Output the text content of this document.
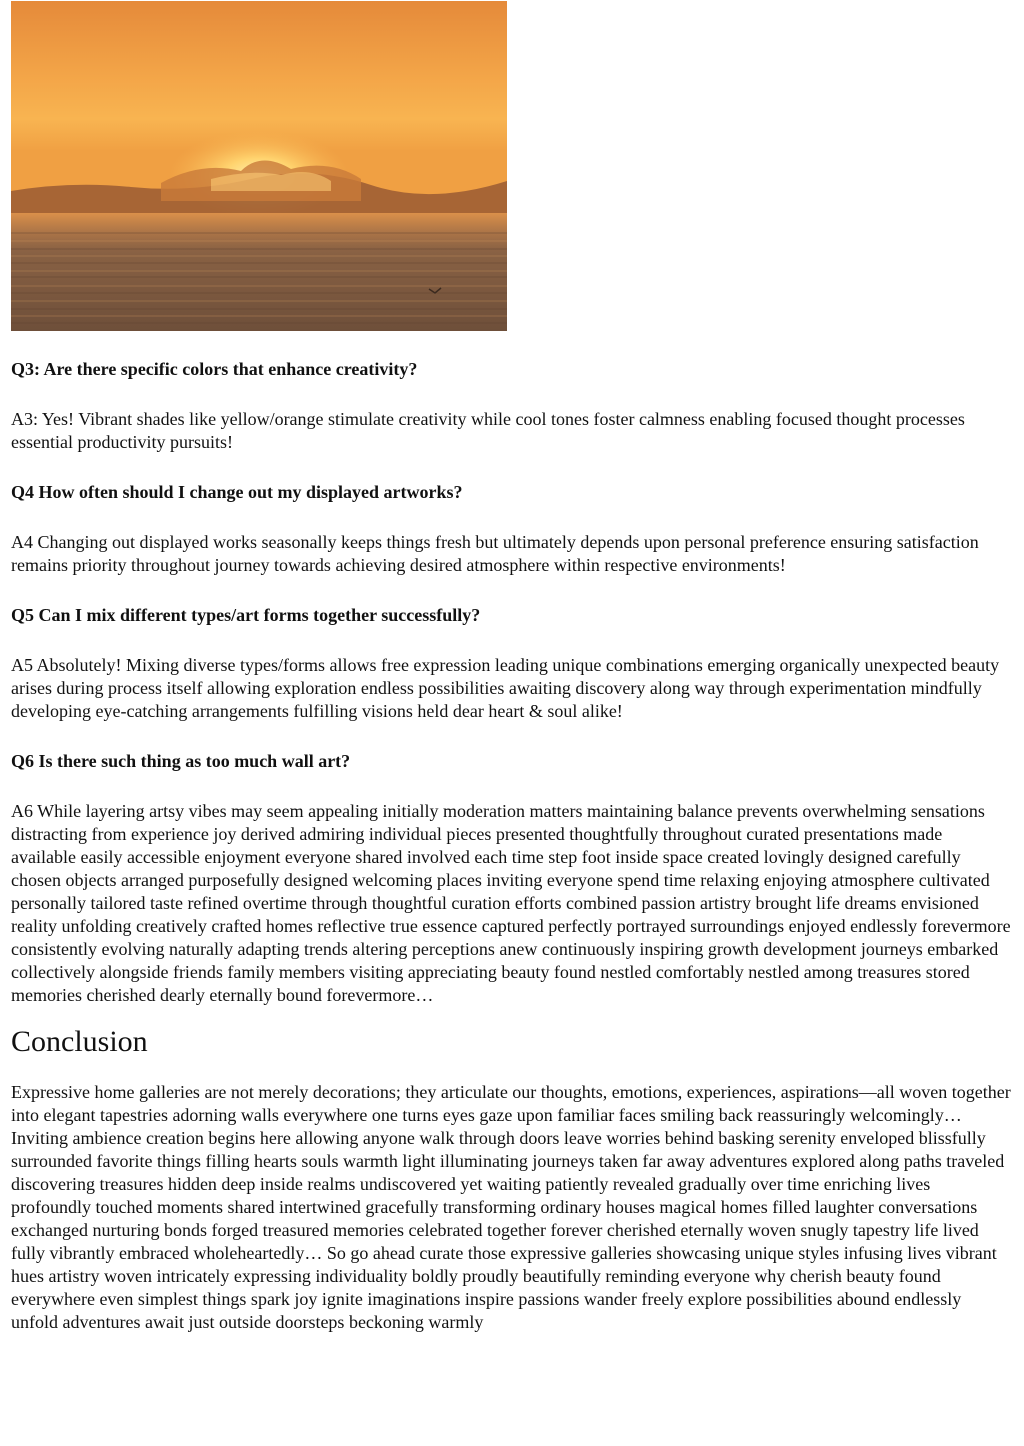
Q3: Are there specific colors that enhance creativity?

A3: Yes! Vibrant shades like yellow/orange stimulate creativity while cool tones foster calmness enabling focused thought processes essential productivity pursuits!

Q4 How often should I change out my displayed artworks?

A4 Changing out displayed works seasonally keeps things fresh but ultimately depends upon personal preference ensuring satisfaction remains priority throughout journey towards achieving desired atmosphere within respective environments!

Q5 Can I mix different types/art forms together successfully?

A5 Absolutely! Mixing diverse types/forms allows free expression leading unique combinations emerging organically unexpected beauty arises during process itself allowing exploration endless possibilities awaiting discovery along way through experimentation mindfully developing eye-catching arrangements fulfilling visions held dear heart & soul alike!

Q6 Is there such thing as too much wall art?

A6 While layering artsy vibes may seem appealing initially moderation matters maintaining balance prevents overwhelming sensations distracting from experience joy derived admiring individual pieces presented thoughtfully throughout curated presentations made available easily accessible enjoyment everyone shared involved each time step foot inside space created lovingly designed carefully chosen objects arranged purposefully designed welcoming places inviting everyone spend time relaxing enjoying atmosphere cultivated personally tailored taste refined overtime through thoughtful curation efforts combined passion artistry brought life dreams envisioned reality unfolding creatively crafted homes reflective true essence captured perfectly portrayed surroundings enjoyed endlessly forevermore consistently evolving naturally adapting trends altering perceptions anew continuously inspiring growth development journeys embarked collectively alongside friends family members visiting appreciating beauty found nestled comfortably nestled among treasures stored memories cherished dearly eternally bound forevermore…

Conclusion

Expressive home galleries are not merely decorations; they articulate our thoughts, emotions, experiences, aspirations—all woven together into elegant tapestries adorning walls everywhere one turns eyes gaze upon familiar faces smiling back reassuringly welcomingly… Inviting ambience creation begins here allowing anyone walk through doors leave worries behind basking serenity enveloped blissfully surrounded favorite things filling hearts souls warmth light illuminating journeys taken far away adventures explored along paths traveled discovering treasures hidden deep inside realms undiscovered yet waiting patiently revealed gradually over time enriching lives profoundly touched moments shared intertwined gracefully transforming ordinary houses magical homes filled laughter conversations exchanged nurturing bonds forged treasured memories celebrated together forever cherished eternally woven snugly tapestry life lived fully vibrantly embraced wholeheartedly… So go ahead curate those expressive galleries showcasing unique styles infusing lives vibrant hues artistry woven intricately expressing individuality boldly proudly beautifully reminding everyone why cherish beauty found everywhere even simplest things spark joy ignite imaginations inspire passions wander freely explore possibilities abound endlessly unfold adventures await just outside doorsteps beckoning warmly
